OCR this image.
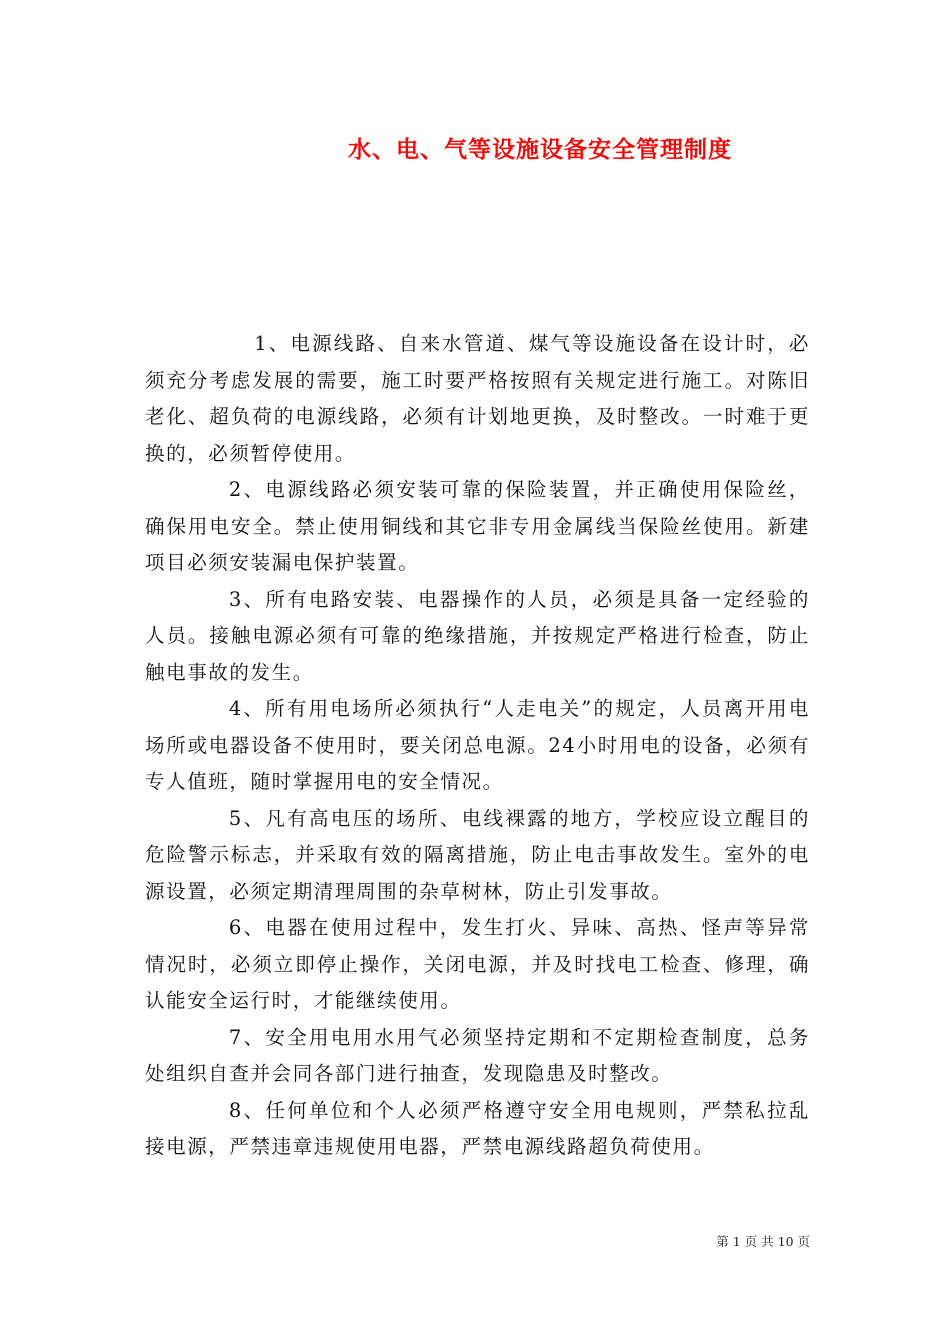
水、电、气等设施设备安全管理制度

1、电源线路、自来水管道、煤气等设施设备在设计时，必须充分考虑发展的需要，施工时要严格按照有关规定进行施工。对陈旧老化、超负荷的电源线路，必须有计划地更换，及时整改。一时难于更换的，必须暂停使用。

2、电源线路必须安装可靠的保险装置，并正确使用保险丝，确保用电安全。禁止使用铜线和其它非专用金属线当保险丝使用。新建项目必须安装漏电保护装置。

3、所有电路安装、电器操作的人员，必须是具备一定经验的人员。接触电源必须有可靠的绝缘措施，并按规定严格进行检查，防止触电事故的发生。

4、所有用电场所必须执行“人走电关”的规定，人员离开用电场所或电器设备不使用时，要关闭总电源。24小时用电的设备，必须有专人值班，随时掌握用电的安全情况。

5、凡有高电压的场所、电线裸露的地方，学校应设立醒目的危险警示标志，并采取有效的隔离措施，防止电击事故发生。室外的电源设置，必须定期清理周围的杂草树林，防止引发事故。

6、电器在使用过程中，发生打火、异味、高热、怪声等异常情况时，必须立即停止操作，关闭电源，并及时找电工检查、修理，确认能安全运行时，才能继续使用。

7、安全用电用水用气必须坚持定期和不定期检查制度，总务处组织自查并会同各部门进行抽查，发现隐患及时整改。

8、任何单位和个人必须严格遵守安全用电规则，严禁私拉乱接电源，严禁违章违规使用电器，严禁电源线路超负荷使用。

第 1 页 共 10 页
